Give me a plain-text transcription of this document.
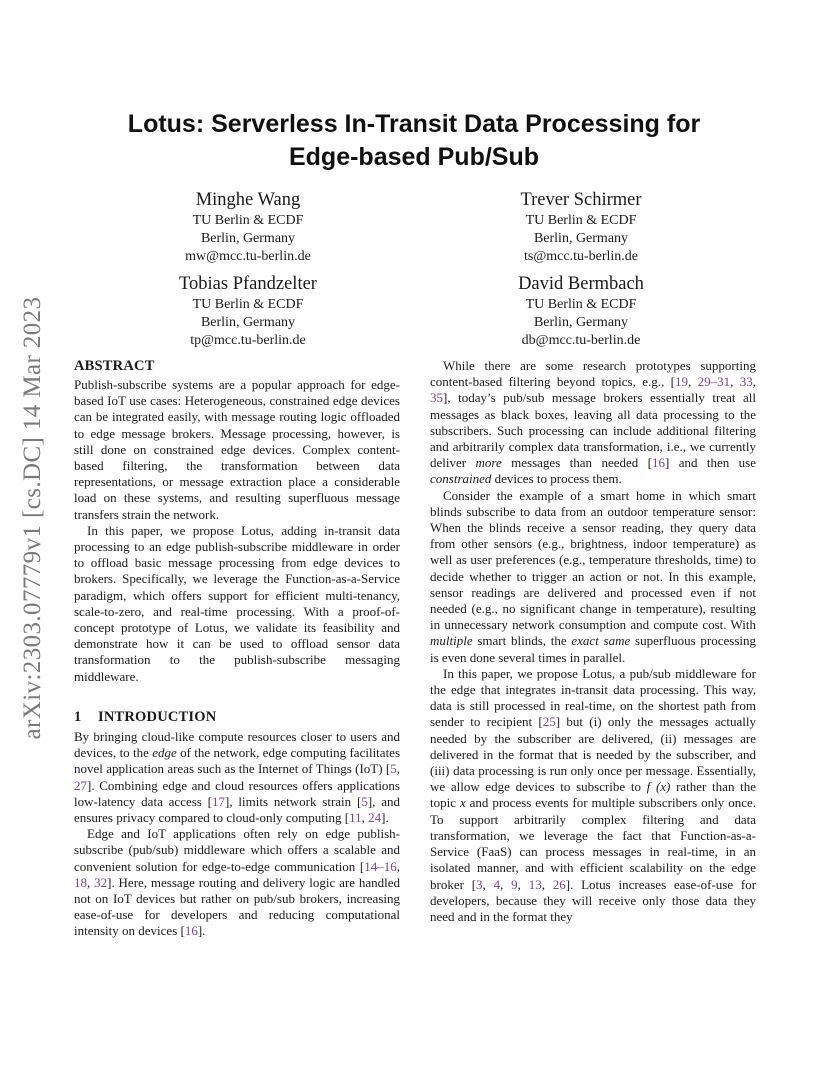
arXiv:2303.07779v1 [cs.DC] 14 Mar 2023
Lotus: Serverless In-Transit Data Processing for
Edge-based Pub/Sub
Minghe Wang
TU Berlin & ECDF
Berlin, Germany
mw@mcc.tu-berlin.de
Trever Schirmer
TU Berlin & ECDF
Berlin, Germany
ts@mcc.tu-berlin.de
Tobias Pfandzelter
TU Berlin & ECDF
Berlin, Germany
tp@mcc.tu-berlin.de
David Bermbach
TU Berlin & ECDF
Berlin, Germany
db@mcc.tu-berlin.de
ABSTRACT

Publish-subscribe systems are a popular approach for edge-based IoT use cases: Heterogeneous, constrained edge devices can be integrated easily, with message routing logic offloaded to edge message brokers. Message processing, however, is still done on constrained edge devices. Complex content-based filtering, the transformation between data representations, or message extraction place a considerable load on these systems, and resulting superfluous message transfers strain the network.

In this paper, we propose Lotus, adding in-transit data processing to an edge publish-subscribe middleware in order to offload basic message processing from edge devices to brokers. Specifically, we leverage the Function-as-a-Service paradigm, which offers support for efficient multi-tenancy, scale-to-zero, and real-time processing. With a proof-of-concept prototype of Lotus, we validate its feasibility and demonstrate how it can be used to offload sensor data transformation to the publish-subscribe messaging middleware.

1 INTRODUCTION

By bringing cloud-like compute resources closer to users and devices, to the edge of the network, edge computing facilitates novel application areas such as the Internet of Things (IoT) [5, 27]. Combining edge and cloud resources offers applications low-latency data access [17], limits network strain [5], and ensures privacy compared to cloud-only computing [11, 24].

Edge and IoT applications often rely on edge publish-subscribe (pub/sub) middleware which offers a scalable and convenient solution for edge-to-edge communication [14–16, 18, 32]. Here, message routing and delivery logic are handled not on IoT devices but rather on pub/sub brokers, increasing ease-of-use for developers and reducing computational intensity on devices [16].

While there are some research prototypes supporting content-based filtering beyond topics, e.g., [19, 29–31, 33, 35], today’s pub/sub message brokers essentially treat all messages as black boxes, leaving all data processing to the subscribers. Such processing can include additional filtering and arbitrarily complex data transformation, i.e., we currently deliver more messages than needed [16] and then use constrained devices to process them.

Consider the example of a smart home in which smart blinds subscribe to data from an outdoor temperature sensor: When the blinds receive a sensor reading, they query data from other sensors (e.g., brightness, indoor temperature) as well as user preferences (e.g., temperature thresholds, time) to decide whether to trigger an action or not. In this example, sensor readings are delivered and processed even if not needed (e.g., no significant change in temperature), resulting in unnecessary network consumption and compute cost. With multiple smart blinds, the exact same superfluous processing is even done several times in parallel.

In this paper, we propose Lotus, a pub/sub middleware for the edge that integrates in-transit data processing. This way, data is still processed in real-time, on the shortest path from sender to recipient [25] but (i) only the messages actually needed by the subscriber are delivered, (ii) messages are delivered in the format that is needed by the subscriber, and (iii) data processing is run only once per message. Essentially, we allow edge devices to subscribe to f (x) rather than the topic x and process events for multiple subscribers only once. To support arbitrarily complex filtering and data transformation, we leverage the fact that Function-as-a-Service (FaaS) can process messages in real-time, in an isolated manner, and with efficient scalability on the edge broker [3, 4, 9, 13, 26]. Lotus increases ease-of-use for developers, because they will receive only those data they need and in the format they
